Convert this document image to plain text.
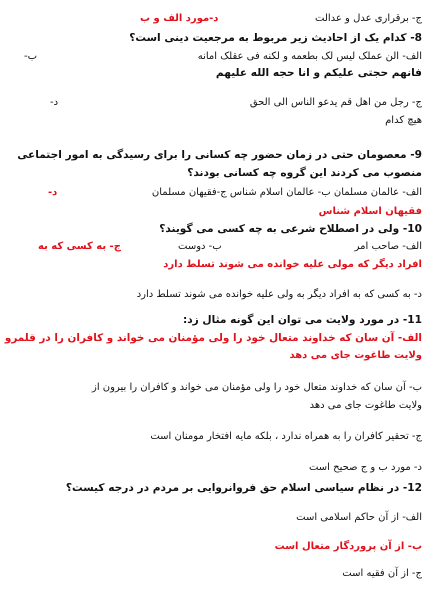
ج- برقراری عدل و عدالت
د-مورد الف و ب
8- کدام یک از احادیث زیر مربوط به مرجعیت دینی است؟
الف- الن عملک لیس لک بطعمه و لکنه فی عقلک امانه
ب-
فانهم حجتی علیکم و انا حجه الله علیهم
ج- رجل من اهل قم یدعو الناس الی الحق
د-
هیچ کدام
9- معصومان حتی در زمان حضور چه کسانی را برای رسیدگی به امور اجتماعی
منصوب می کردند این گروه چه کسانی بودند؟
الف- عالمان مسلمان ب- عالمان اسلام شناس ج-فقیهان مسلمان
د-
فقیهان اسلام شناس
10- ولی در اصطلاح شرعی به چه کسی می گویند؟
الف- صاحب امر
ب- دوست
ج- به کسی که به
افراد دیگر که مولی علیه خوانده می شوند تسلط دارد
د- به کسی که به افراد دیگر به ولی علیه خوانده می شوند تسلط دارد
11- در مورد ولایت می توان این گونه مثال زد:
الف- آن سان که خداوند متعال خود را ولی مؤمنان می خواند و کافران را در قلمرو
ولایت طاغوت جای می دهد
ب- آن سان که خداوند متعال خود را ولی مؤمنان می خواند و کافران را بیرون از
ولایت طاغوت جای می دهد
ج- تحقیر کافران را به همراه ندارد ، بلکه مایه افتخار مومنان است
د- مورد ب و ج صحیح است
12- در نظام سیاسی اسلام حق فروانروایی بر مردم در درجه کیست؟
الف- از آن حاکم اسلامی است
ب- از آن پروردگار متعال است
ج- از آن فقیه است
